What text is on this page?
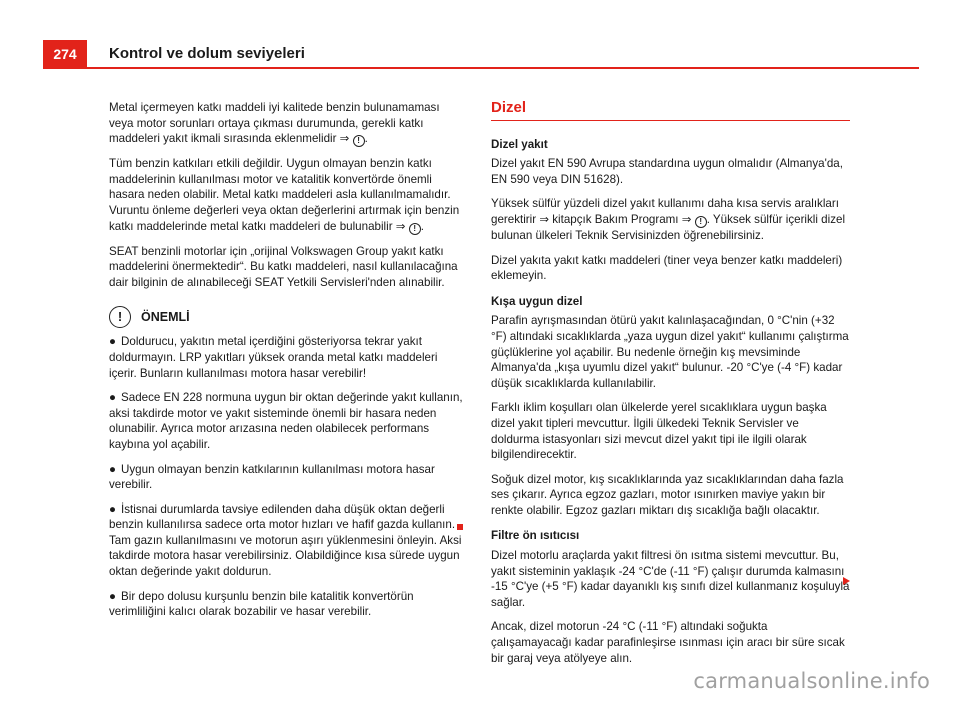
274	Kontrol ve dolum seviyeleri

Metal içermeyen katkı maddeli iyi kalitede benzin bulunamaması veya motor sorunları ortaya çıkması durumunda, gerekli katkı maddeleri yakıt ikmali sırasında eklenmelidir ⇒ ! .

Tüm benzin katkıları etkili değildir. Uygun olmayan benzin katkı maddelerinin kullanılması motor ve katalitik konvertörde önemli hasara neden olabilir. Metal katkı maddeleri asla kullanılmamalıdır. Vuruntu önleme değerleri veya oktan değerlerini artırmak için benzin katkı maddelerinde metal katkı maddeleri de bulunabilir ⇒ ! .

SEAT benzinli motorlar için „orijinal Volkswagen Group yakıt katkı maddelerini önermektedir“. Bu katkı maddeleri, nasıl kullanılacağına dair bilginin de alınabileceği SEAT Yetkili Servisleri'nden alınabilir.

!	ÖNEMLİ
● Doldurucu, yakıtın metal içerdiğini gösteriyorsa tekrar yakıt doldurmayın. LRP yakıtları yüksek oranda metal katkı maddeleri içerir. Bunların kullanılması motora hasar verebilir!
● Sadece EN 228 normuna uygun bir oktan değerinde yakıt kullanın, aksi takdirde motor ve yakıt sisteminde önemli bir hasara neden olunabilir. Ayrıca motor arızasına neden olabilecek performans kaybına yol açabilir.
● Uygun olmayan benzin katkılarının kullanılması motora hasar verebilir.
● İstisnai durumlarda tavsiye edilenden daha düşük oktan değerli benzin kullanılırsa sadece orta motor hızları ve hafif gazda kullanın. Tam gazın kullanılmasını ve motorun aşırı yüklenmesini önleyin. Aksi takdirde motora hasar verebilirsiniz. Olabildiğince kısa sürede uygun oktan değerinde yakıt doldurun.
● Bir depo dolusu kurşunlu benzin bile katalitik konvertörün verimliliğini kalıcı olarak bozabilir ve hasar verebilir.
Dizel
Dizel yakıt

Dizel yakıt EN 590 Avrupa standardına uygun olmalıdır (Almanya'da, EN 590 veya DIN 51628).

Yüksek sülfür yüzdeli dizel yakıt kullanımı daha kısa servis aralıkları gerektirir ⇒ kitapçık Bakım Programı ⇒ ! . Yüksek sülfür içerikli dizel bulunan ülkeleri Teknik Servisinizden öğrenebilirsiniz.

Dizel yakıta yakıt katkı maddeleri (tiner veya benzer katkı maddeleri) eklemeyin.

Kışa uygun dizel

Parafin ayrışmasından ötürü yakıt kalınlaşacağından, 0 °C'nin (+32 °F) altındaki sıcaklıklarda „yaza uygun dizel yakıt“ kullanımı çalıştırma güçlüklerine yol açabilir. Bu nedenle örneğin kış mevsiminde Almanya'da „kışa uyumlu dizel yakıt“ bulunur. -20 °C'ye (-4 °F) kadar düşük sıcaklıklarda kullanılabilir.

Farklı iklim koşulları olan ülkelerde yerel sıcaklıklara uygun başka dizel yakıt tipleri mevcuttur. İlgili ülkedeki Teknik Servisler ve doldurma istasyonları sizi mevcut dizel yakıt tipi ile ilgili olarak bilgilendirecektir.

Soğuk dizel motor, kış sıcaklıklarında yaz sıcaklıklarından daha fazla ses çıkarır. Ayrıca egzoz gazları, motor ısınırken maviye yakın bir renkte olabilir. Egzoz gazları miktarı dış sıcaklığa bağlı olacaktır.

Filtre ön ısıtıcısı

Dizel motorlu araçlarda yakıt filtresi ön ısıtma sistemi mevcuttur. Bu, yakıt sisteminin yaklaşık -24 °C'de (-11 °F) çalışır durumda kalmasını -15 °C'ye (+5 °F) kadar dayanıklı kış sınıfı dizel kullanmanız koşuluyla sağlar.

Ancak, dizel motorun -24 °C (-11 °F) altındaki soğukta çalışamayacağı kadar parafinleşirse ısınması için aracı bir süre sıcak bir garaj veya atölyeye alın.

carmanualsonline.info
